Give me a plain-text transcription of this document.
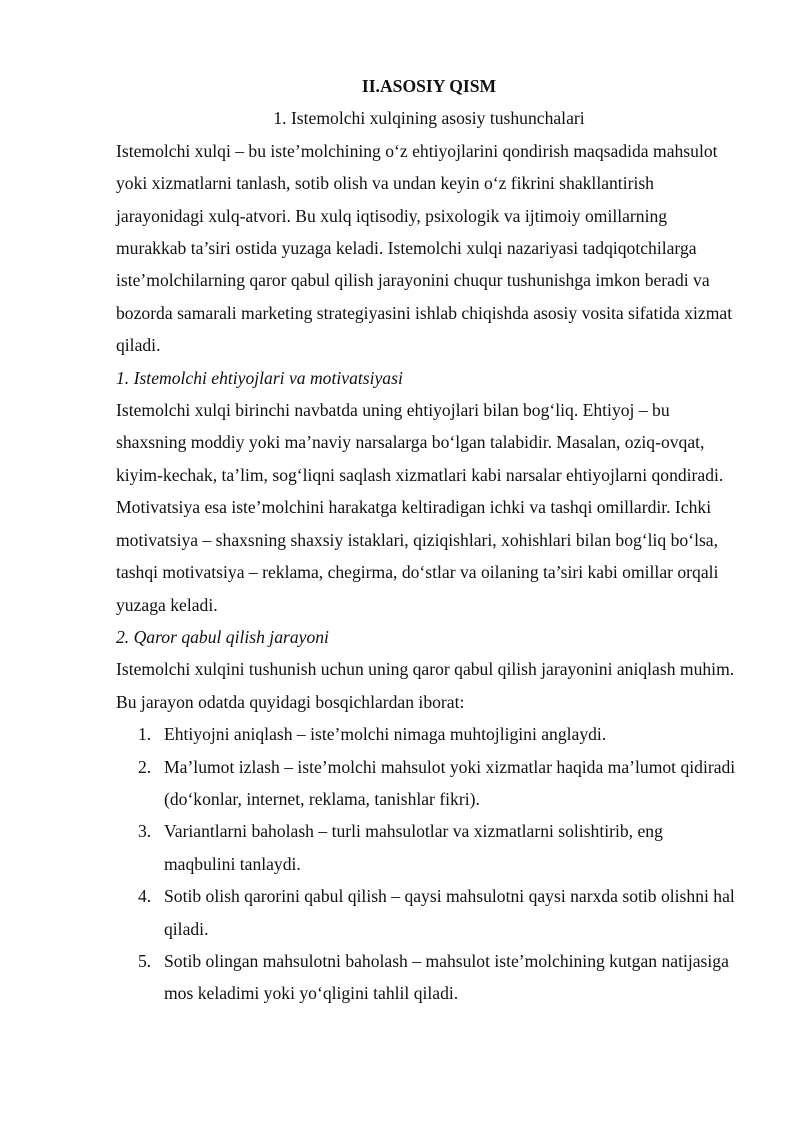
II.ASOSIY QISM

1. Istemolchi xulqining asosiy tushunchalari

Istemolchi xulqi – bu iste’molchining o‘z ehtiyojlarini qondirish maqsadida mahsulot yoki xizmatlarni tanlash, sotib olish va undan keyin o‘z fikrini shakllantirish jarayonidagi xulq-atvori. Bu xulq iqtisodiy, psixologik va ijtimoiy omillarning murakkab ta’siri ostida yuzaga keladi. Istemolchi xulqi nazariyasi tadqiqotchilarga iste’molchilarning qaror qabul qilish jarayonini chuqur tushunishga imkon beradi va bozorda samarali marketing strategiyasini ishlab chiqishda asosiy vosita sifatida xizmat qiladi.

1. Istemolchi ehtiyojlari va motivatsiyasi

Istemolchi xulqi birinchi navbatda uning ehtiyojlari bilan bog‘liq. Ehtiyoj – bu shaxsning moddiy yoki ma’naviy narsalarga bo‘lgan talabidir. Masalan, oziq-ovqat, kiyim-kechak, ta’lim, sog‘liqni saqlash xizmatlari kabi narsalar ehtiyojlarni qondiradi.

Motivatsiya esa iste’molchini harakatga keltiradigan ichki va tashqi omillardir. Ichki motivatsiya – shaxsning shaxsiy istaklari, qiziqishlari, xohishlari bilan bog‘liq bo‘lsa, tashqi motivatsiya – reklama, chegirma, do‘stlar va oilaning ta’siri kabi omillar orqali yuzaga keladi.

2. Qaror qabul qilish jarayoni

Istemolchi xulqini tushunish uchun uning qaror qabul qilish jarayonini aniqlash muhim. Bu jarayon odatda quyidagi bosqichlardan iborat:

1. Ehtiyojni aniqlash – iste’molchi nimaga muhtojligini anglaydi.
2. Ma’lumot izlash – iste’molchi mahsulot yoki xizmatlar haqida ma’lumot qidiradi (do‘konlar, internet, reklama, tanishlar fikri).
3. Variantlarni baholash – turli mahsulotlar va xizmatlarni solishtirib, eng maqbulini tanlaydi.
4. Sotib olish qarorini qabul qilish – qaysi mahsulotni qaysi narxda sotib olishni hal qiladi.
5. Sotib olingan mahsulotni baholash – mahsulot iste’molchining kutgan natijasiga mos keladimi yoki yo‘qligini tahlil qiladi.
